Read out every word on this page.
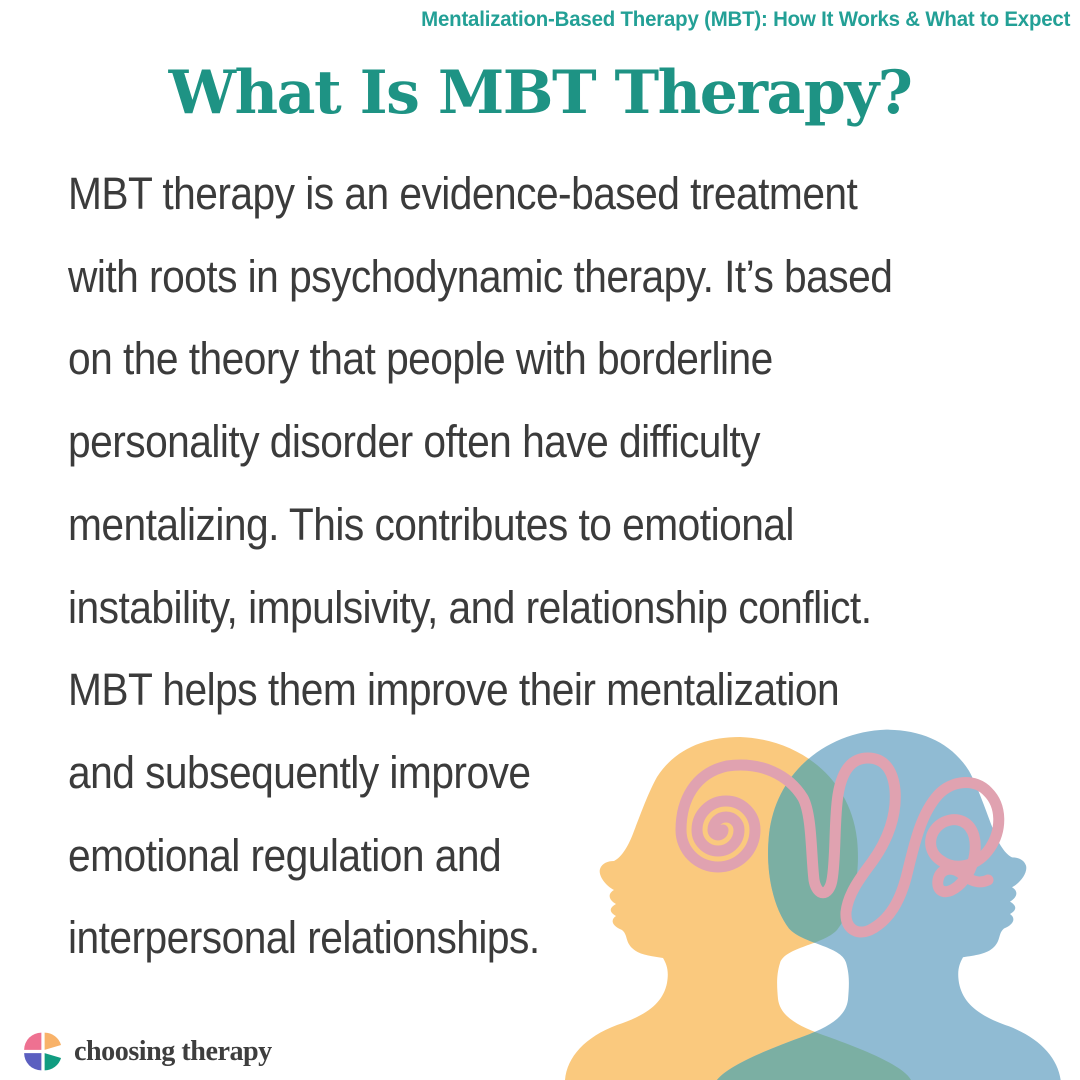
Mentalization-Based Therapy (MBT): How It Works & What to Expect
What Is MBT Therapy?
MBT therapy is an evidence-based treatment
with roots in psychodynamic therapy. It’s based
on the theory that people with borderline
personality disorder often have difficulty
mentalizing. This contributes to emotional
instability, impulsivity, and relationship conflict.
MBT helps them improve their mentalization
and subsequently improve
emotional regulation and
interpersonal relationships.
choosing therapy
